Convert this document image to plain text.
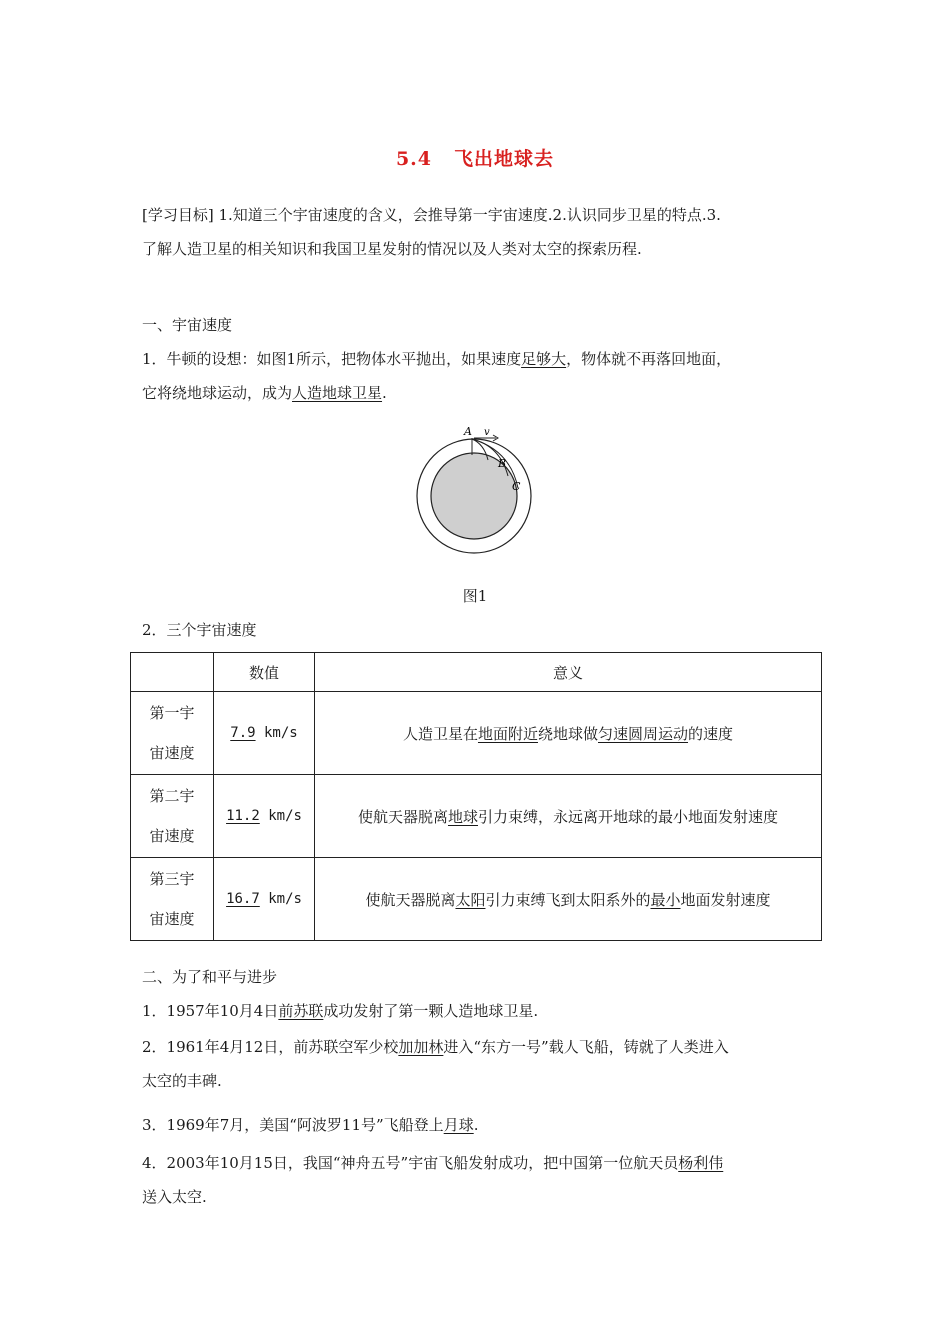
5.4 飞出地球去
[学习目标] 1.知道三个宇宙速度的含义，会推导第一宇宙速度.2.认识同步卫星的特点.3.
了解人造卫星的相关知识和我国卫星发射的情况以及人类对太空的探索历程.
一、宇宙速度
1．牛顿的设想：如图1所示，把物体水平抛出，如果速度足够大，物体就不再落回地面，
它将绕地球运动，成为人造地球卫星.
A v
B
C
图1
2．三个宇宙速度
	数值	意义

第一宇
宙速度	7.9 km/s	人造卫星在地面附近绕地球做匀速圆周运动的速度

第二宇
宙速度	11.2 km/s	使航天器脱离地球引力束缚，永远离开地球的最小地面发射速度

第三宇
宙速度	16.7 km/s	使航天器脱离太阳引力束缚飞到太阳系外的最小地面发射速度
二、为了和平与进步
1．1957年10月4日前苏联成功发射了第一颗人造地球卫星.
2．1961年4月12日，前苏联空军少校加加林进入“东方一号”载人飞船，铸就了人类进入
太空的丰碑.
3．1969年7月，美国“阿波罗11号”飞船登上月球.
4．2003年10月15日，我国“神舟五号”宇宙飞船发射成功，把中国第一位航天员杨利伟
送入太空.
